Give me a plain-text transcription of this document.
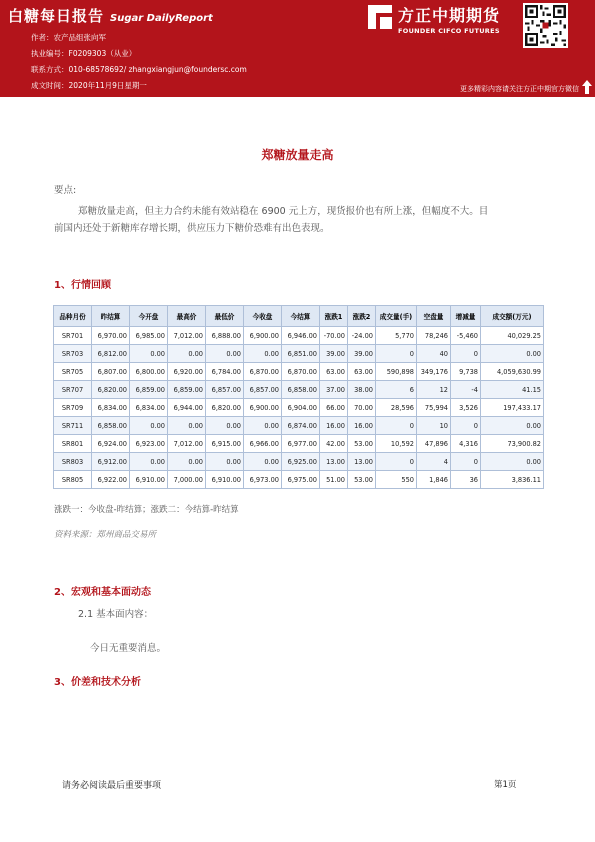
白糖每日报告 Sugar DailyReport
作者：农产品组张向军
执业编号：F0209303（从业）
联系方式：010-68578692/ zhangxiangjun@foundersc.com
成文时间：2020年11月9日星期一
方正中期期货
FOUNDER CIFCO FUTURES
更多精彩内容请关注方正中期官方微信
郑糖放量走高
要点:
郑糖放量走高，但主力合约未能有效站稳在 6900 元上方，现货报价也有所上涨，但幅度不大。目
前国内还处于新糖库存增长期，供应压力下糖价恐难有出色表现。
1、行情回顾
品种月份	昨结算	今开盘	最高价	最低价	今收盘	今结算	涨跌1	涨跌2	成交量(手)	空盘量	增减量	成交额(万元)
SR701	6,970.00	6,985.00	7,012.00	6,888.00	6,900.00	6,946.00	-70.00	-24.00	5,770	78,246	-5,460	40,029.25
SR703	6,812.00	0.00	0.00	0.00	0.00	6,851.00	39.00	39.00	0	40	0	0.00
SR705	6,807.00	6,800.00	6,920.00	6,784.00	6,870.00	6,870.00	63.00	63.00	590,898	349,176	9,738	4,059,630.99
SR707	6,820.00	6,859.00	6,859.00	6,857.00	6,857.00	6,858.00	37.00	38.00	6	12	-4	41.15
SR709	6,834.00	6,834.00	6,944.00	6,820.00	6,900.00	6,904.00	66.00	70.00	28,596	75,994	3,526	197,433.17
SR711	6,858.00	0.00	0.00	0.00	0.00	6,874.00	16.00	16.00	0	10	0	0.00
SR801	6,924.00	6,923.00	7,012.00	6,915.00	6,966.00	6,977.00	42.00	53.00	10,592	47,896	4,316	73,900.82
SR803	6,912.00	0.00	0.00	0.00	0.00	6,925.00	13.00	13.00	0	4	0	0.00
SR805	6,922.00	6,910.00	7,000.00	6,910.00	6,973.00	6,975.00	51.00	53.00	550	1,846	36	3,836.11
涨跌一：今收盘-昨结算；涨跌二：今结算-昨结算
资料来源：郑州商品交易所
2、宏观和基本面动态
2.1 基本面内容：
今日无重要消息。
3、价差和技术分析
请务必阅读最后重要事项	第1页
